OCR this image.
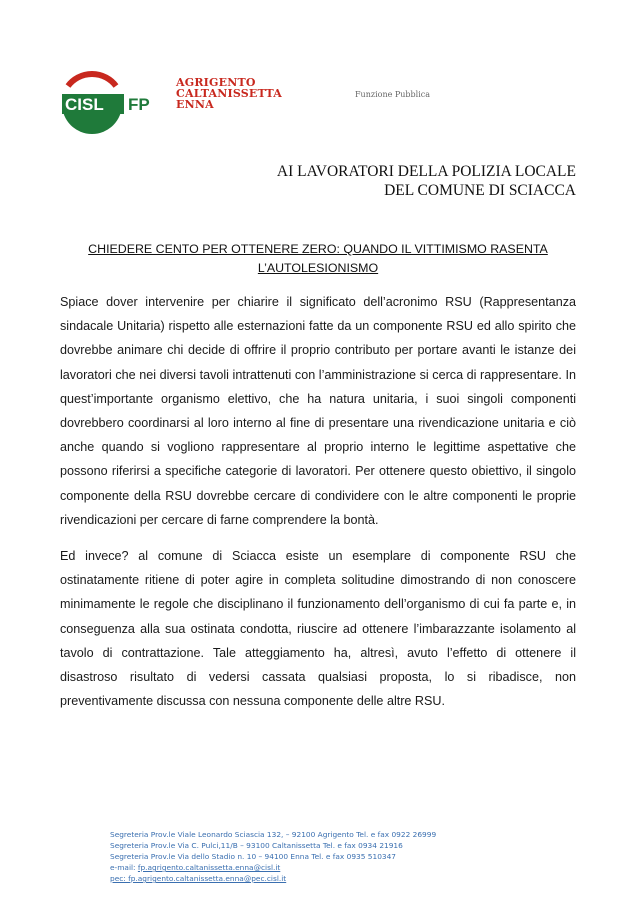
CISL FP
AGRIGENTO
CALTANISSETTA
ENNA
Funzione Pubblica
AI LAVORATORI DELLA POLIZIA LOCALE
DEL COMUNE DI SCIACCA
CHIEDERE CENTO PER OTTENERE ZERO: QUANDO IL VITTIMISMO RASENTA
L’AUTOLESIONISMO

Spiace dover intervenire per chiarire il significato dell’acronimo RSU (Rappresentanza sindacale Unitaria) rispetto alle esternazioni fatte da un componente RSU ed allo spirito che dovrebbe animare chi decide di offrire il proprio contributo per portare avanti le istanze dei lavoratori che nei diversi tavoli intrattenuti con l’amministrazione si cerca di rappresentare. In quest’importante organismo elettivo, che ha natura unitaria, i suoi singoli componenti dovrebbero coordinarsi al loro interno al fine di presentare una rivendicazione unitaria e ciò anche quando si vogliono rappresentare al proprio interno le legittime aspettative che possono riferirsi a specifiche categorie di lavoratori. Per ottenere questo obiettivo, il singolo componente della RSU dovrebbe cercare di condividere con le altre componenti le proprie rivendicazioni per cercare di farne comprendere la bontà.

Ed invece? al comune di Sciacca esiste un esemplare di componente RSU che ostinatamente ritiene di poter agire in completa solitudine dimostrando di non conoscere minimamente le regole che disciplinano il funzionamento dell’organismo di cui fa parte e, in conseguenza alla sua ostinata condotta, riuscire ad ottenere l’imbarazzante isolamento al tavolo di contrattazione. Tale atteggiamento ha, altresì, avuto l’effetto di ottenere il disastroso risultato di vedersi cassata qualsiasi proposta, lo si ribadisce, non preventivamente discussa con nessuna componente delle altre RSU.

Segreteria Prov.le Viale Leonardo Sciascia 132, – 92100 Agrigento Tel. e fax 0922 26999
Segreteria Prov.le Via C. Pulci,11/B – 93100 Caltanissetta Tel. e fax 0934 21916
Segreteria Prov.le Via dello Stadio n. 10 – 94100 Enna Tel. e fax 0935 510347
e-mail: fp.agrigento.caltanissetta.enna@cisl.it
pec: fp.agrigento.caltanissetta.enna@pec.cisl.it
